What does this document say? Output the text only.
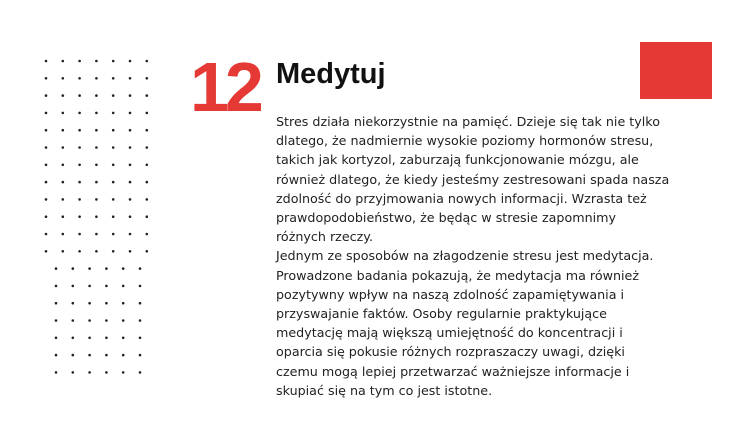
12 Medytuj

Stres działa niekorzystnie na pamięć. Dzieje się tak nie tylko
dlatego, że nadmiernie wysokie poziomy hormonów stresu,
takich jak kortyzol, zaburzają funkcjonowanie mózgu, ale
również dlatego, że kiedy jesteśmy zestresowani spada nasza
zdolność do przyjmowania nowych informacji. Wzrasta też
prawdopodobieństwo, że będąc w stresie zapomnimy
różnych rzeczy.

Jednym ze sposobów na złagodzenie stresu jest medytacja.
Prowadzone badania pokazują, że medytacja ma również
pozytywny wpływ na naszą zdolność zapamiętywania i
przyswajanie faktów. Osoby regularnie praktykujące
medytację mają większą umiejętność do koncentracji i
oparcia się pokusie różnych rozpraszaczy uwagi, dzięki
czemu mogą lepiej przetwarzać ważniejsze informacje i
skupiać się na tym co jest istotne.
